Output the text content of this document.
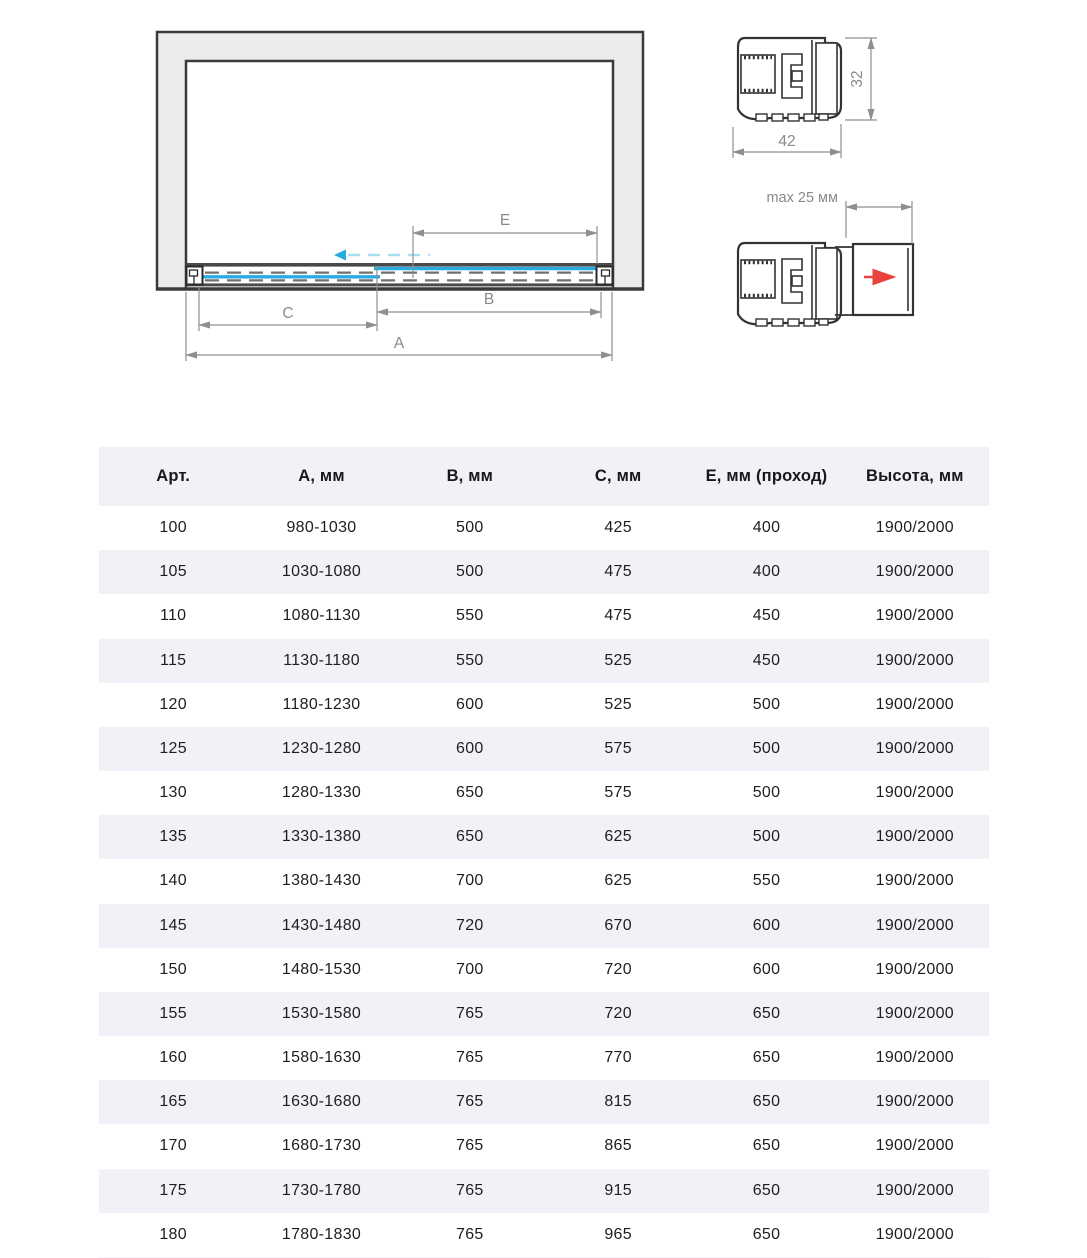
E
B
C
A
32
42
max 25 мм
Арт.	А, мм	В, мм	С, мм	Е, мм (проход)	Высота, мм
100	980-1030	500	425	400	1900/2000
105	1030-1080	500	475	400	1900/2000
110	1080-1130	550	475	450	1900/2000
115	1130-1180	550	525	450	1900/2000
120	1180-1230	600	525	500	1900/2000
125	1230-1280	600	575	500	1900/2000
130	1280-1330	650	575	500	1900/2000
135	1330-1380	650	625	500	1900/2000
140	1380-1430	700	625	550	1900/2000
145	1430-1480	720	670	600	1900/2000
150	1480-1530	700	720	600	1900/2000
155	1530-1580	765	720	650	1900/2000
160	1580-1630	765	770	650	1900/2000
165	1630-1680	765	815	650	1900/2000
170	1680-1730	765	865	650	1900/2000
175	1730-1780	765	915	650	1900/2000
180	1780-1830	765	965	650	1900/2000
